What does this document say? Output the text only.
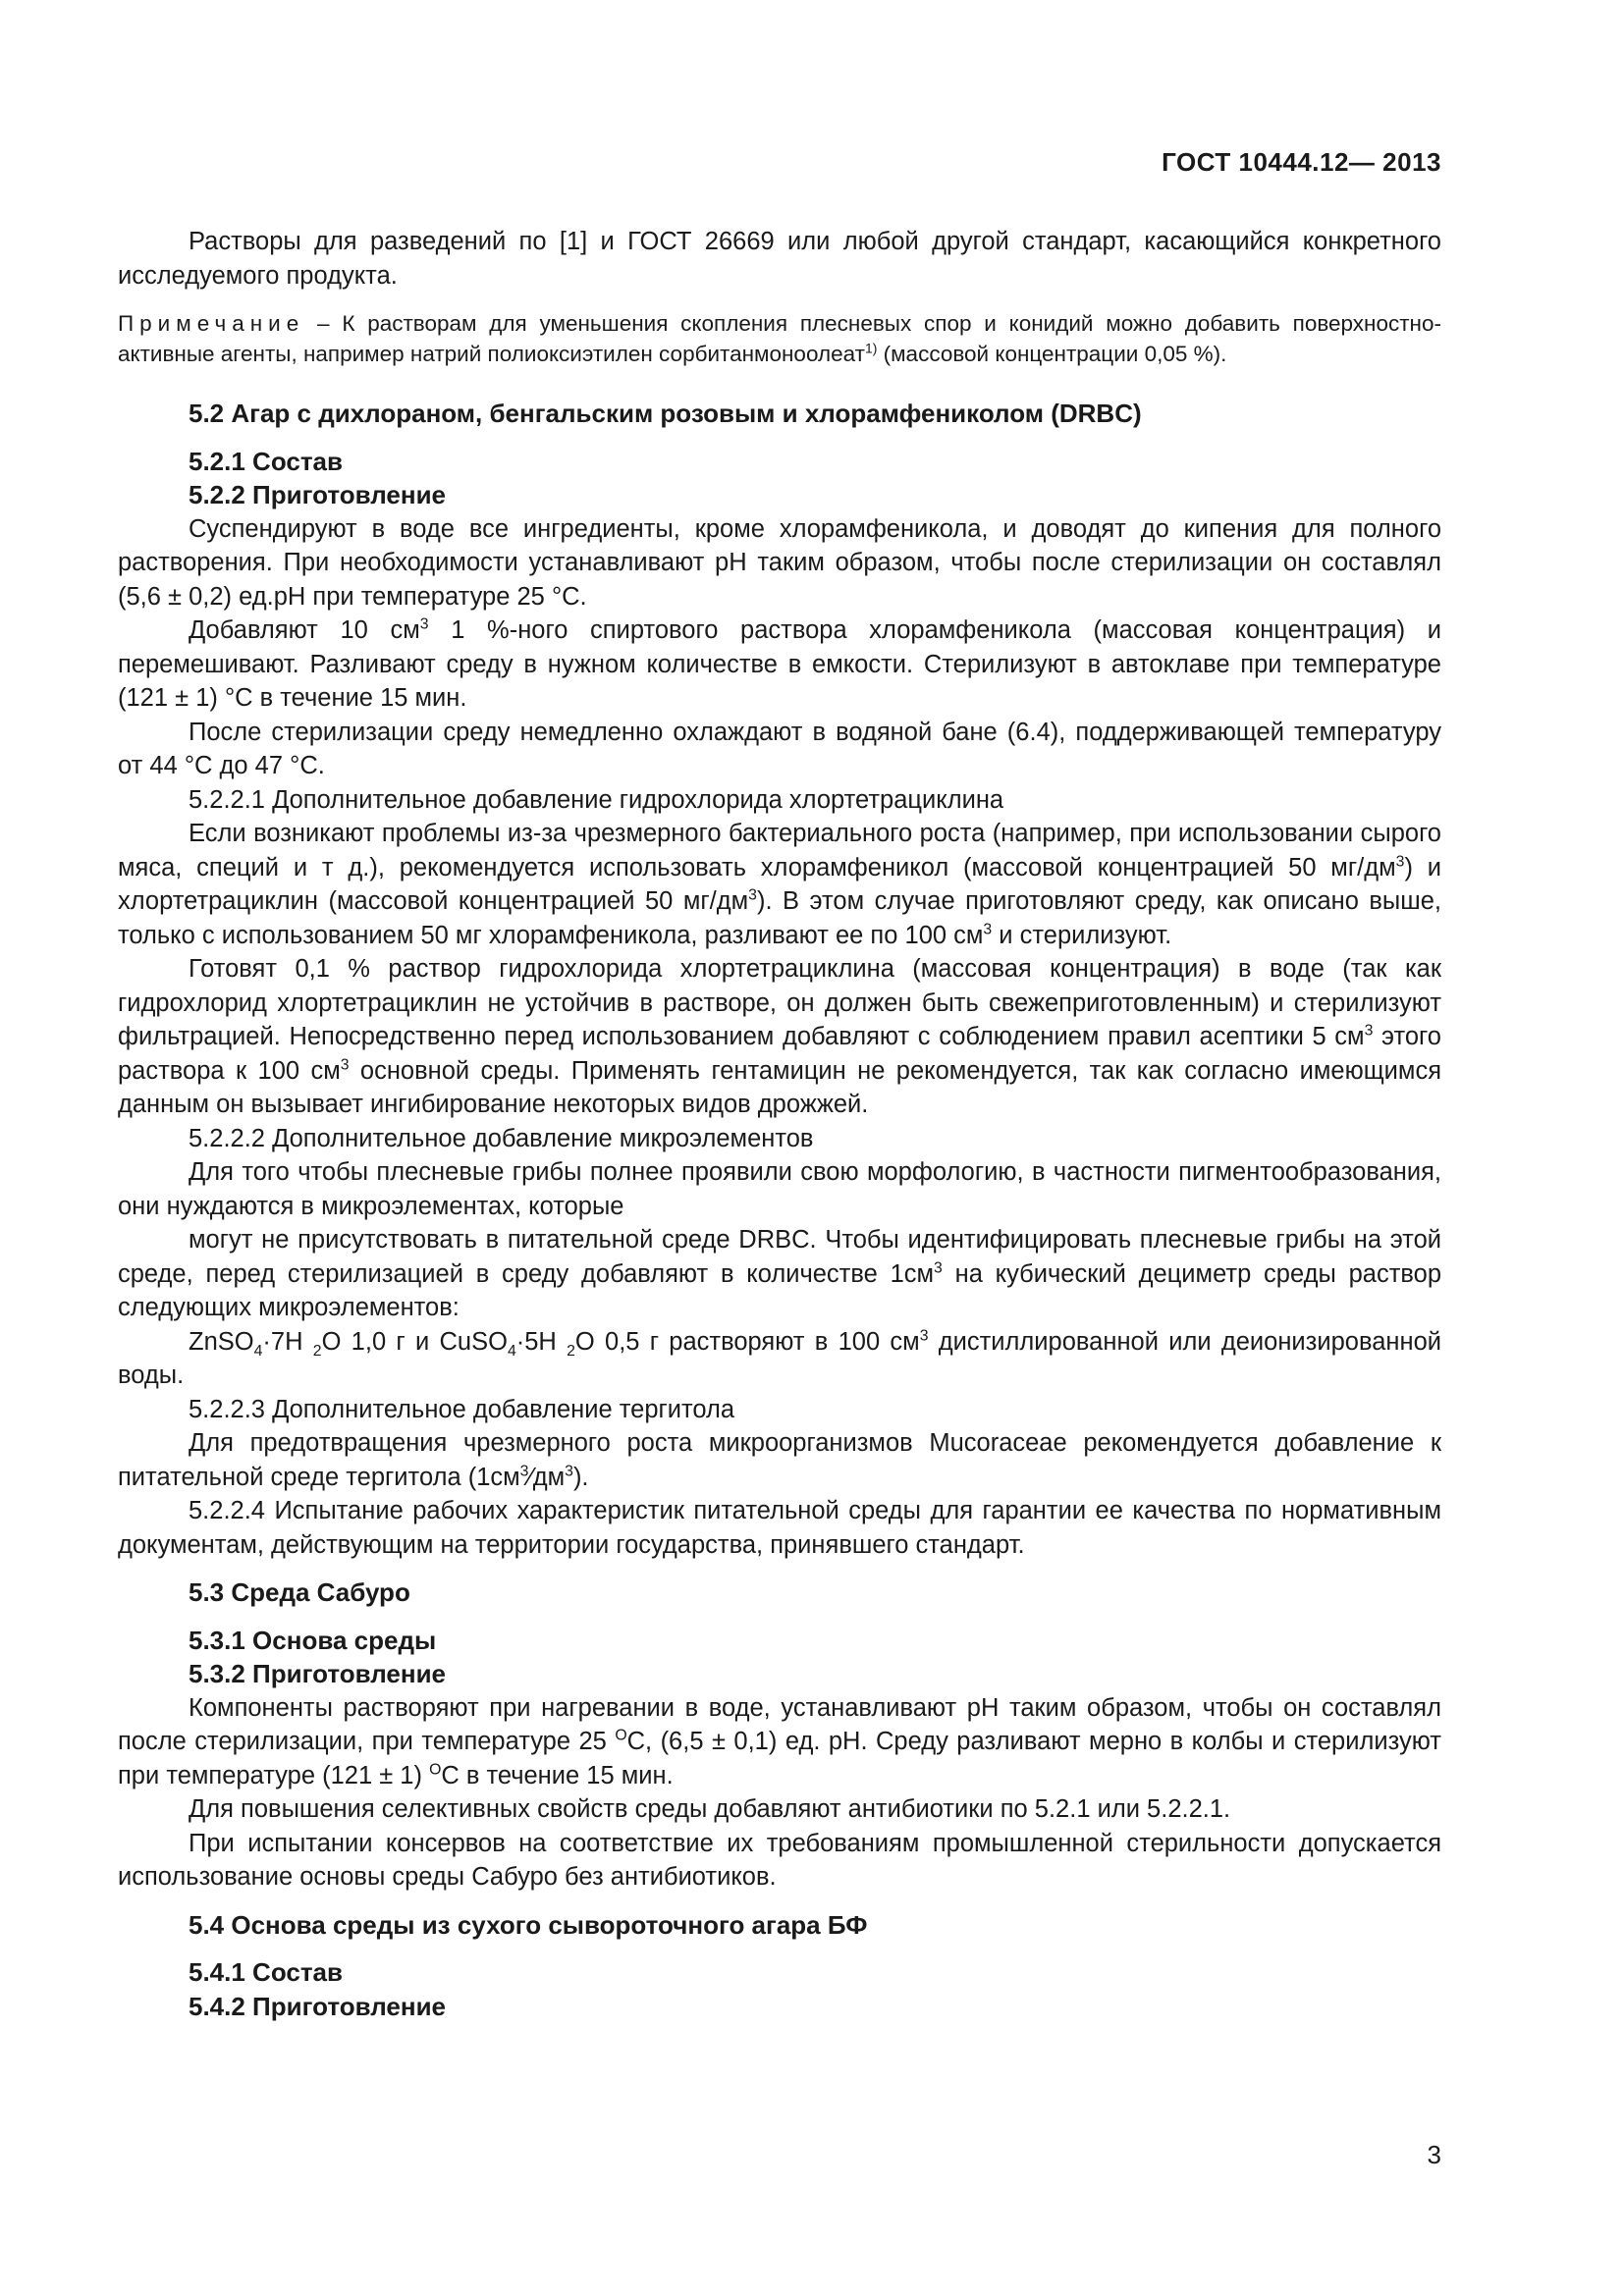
ГОСТ 10444.12— 2013

Растворы для разведений по [1] и ГОСТ 26669 или любой другой стандарт, касающийся конкретного исследуемого продукта.

Примечание – К растворам для уменьшения скопления плесневых спор и конидий можно добавить поверхностно-активные агенты, например натрий полиоксиэтилен сорбитанмоноолеат$^{1)}$ (массовой концентрации 0,05 %).

5.2 Агар с дихлораном, бенгальским розовым и хлорамфениколом (DRBC)

5.2.1 Состав

5.2.2 Приготовление

Суспендируют в воде все ингредиенты, кроме хлорамфеникола, и доводят до кипения для полного растворения. При необходимости устанавливают pH таким образом, чтобы после стерилизации он составлял (5,6 ± 0,2) ед.pH при температуре 25 °С.

Добавляют 10 $см^3$ 1 %-ного спиртового раствора хлорамфеникола (массовая концентрация) и перемешивают. Разливают среду в нужном количестве в емкости. Стерилизуют в автоклаве при температуре (121 ± 1) °С в течение 15 мин.

После стерилизации среду немедленно охлаждают в водяной бане (6.4), поддерживающей температуру от 44 °С до 47 °С.

5.2.2.1 Дополнительное добавление гидрохлорида хлортетрациклина

Если возникают проблемы из-за чрезмерного бактериального роста (например, при использовании сырого мяса, специй и т д.), рекомендуется использовать хлорамфеникол (массовой концентрацией 50 $мг/дм^3$) и хлортетрациклин (массовой концентрацией 50 $мг/дм^3$). В этом случае приготовляют среду, как описано выше, только с использованием 50 мг хлорамфеникола, разливают ее по 100 $см^3$ и стерилизуют.

Готовят 0,1 % раствор гидрохлорида хлортетрациклина (массовая концентрация) в воде (так как гидрохлорид хлортетрациклин не устойчив в растворе, он должен быть свежеприготовленным) и стерилизуют фильтрацией. Непосредственно перед использованием добавляют с соблюдением правил асептики 5 $см^3$ этого раствора к 100 $см^3$ основной среды. Применять гентамицин не рекомендуется, так как согласно имеющимся данным он вызывает ингибирование некоторых видов дрожжей.

5.2.2.2 Дополнительное добавление микроэлементов

Для того чтобы плесневые грибы полнее проявили свою морфологию, в частности пигментообразования, они нуждаются в микроэлементах, которые

могут не присутствовать в питательной среде DRBC. Чтобы идентифицировать плесневые грибы на этой среде, перед стерилизацией в среду добавляют в количестве $1см^3$ на кубический дециметр среды раствор следующих микроэлементов:

ZnSO$_4$·7H $_2$O 1,0 г и CuSO$_4$·5H $_2$O 0,5 г растворяют в 100 $см^3$ дистиллированной или деионизированной воды.

5.2.2.3 Дополнительное добавление тергитола

Для предотвращения чрезмерного роста микроорганизмов Mucoraceae рекомендуется добавление к питательной среде тергитола $(1см^3⁄дм^3)$.

5.2.2.4 Испытание рабочих характеристик питательной среды для гарантии ее качества по нормативным документам, действующим на территории государства, принявшего стандарт.

5.3 Среда Сабуро

5.3.1 Основа среды

5.3.2 Приготовление

Компоненты растворяют при нагревании в воде, устанавливают pH таким образом, чтобы он составлял после стерилизации, при температуре 25 $^O$С, (6,5 ± 0,1) ед. pH. Среду разливают мерно в колбы и стерилизуют при температуре (121 ± 1) $^O$С в течение 15 мин.

Для повышения селективных свойств среды добавляют антибиотики по 5.2.1 или 5.2.2.1.

При испытании консервов на соответствие их требованиям промышленной стерильности допускается использование основы среды Сабуро без антибиотиков.

5.4 Основа среды из сухого сывороточного агара БФ

5.4.1 Состав

5.4.2 Приготовление

3
